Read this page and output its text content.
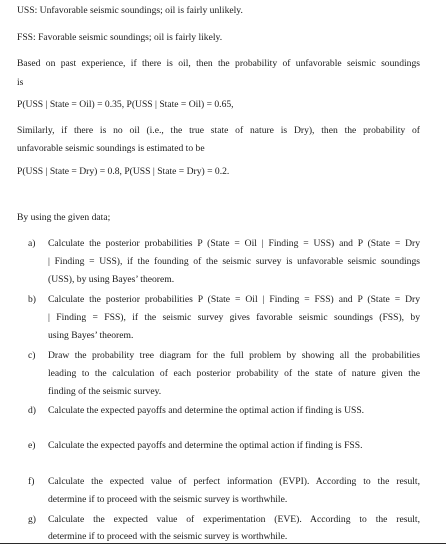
USS: Unfavorable seismic soundings; oil is fairly unlikely.
FSS: Favorable seismic soundings; oil is fairly likely.
Based on past experience, if there is oil, then the probability of unfavorable seismic soundings
is
P(USS | State = Oil) = 0.35, P(USS | State = Oil) = 0.65,
Similarly, if there is no oil (i.e., the true state of nature is Dry), then the probability of
unfavorable seismic soundings is estimated to be
P(USS | State = Dry) = 0.8, P(USS | State = Dry) = 0.2.
By using the given data;
a) Calculate the posterior probabilities P (State = Oil | Finding = USS) and P (State = Dry
| Finding = USS), if the founding of the seismic survey is unfavorable seismic soundings
(USS), by using Bayes’ theorem.
b) Calculate the posterior probabilities P (State = Oil | Finding = FSS) and P (State = Dry
| Finding = FSS), if the seismic survey gives favorable seismic soundings (FSS), by
using Bayes’ theorem.
c) Draw the probability tree diagram for the full problem by showing all the probabilities
leading to the calculation of each posterior probability of the state of nature given the
finding of the seismic survey.
d) Calculate the expected payoffs and determine the optimal action if finding is USS.
e) Calculate the expected payoffs and determine the optimal action if finding is FSS.
f) Calculate the expected value of perfect information (EVPI). According to the result,
determine if to proceed with the seismic survey is worthwhile.
g) Calculate the expected value of experimentation (EVE). According to the result,
determine if to proceed with the seismic survey is worthwhile.
